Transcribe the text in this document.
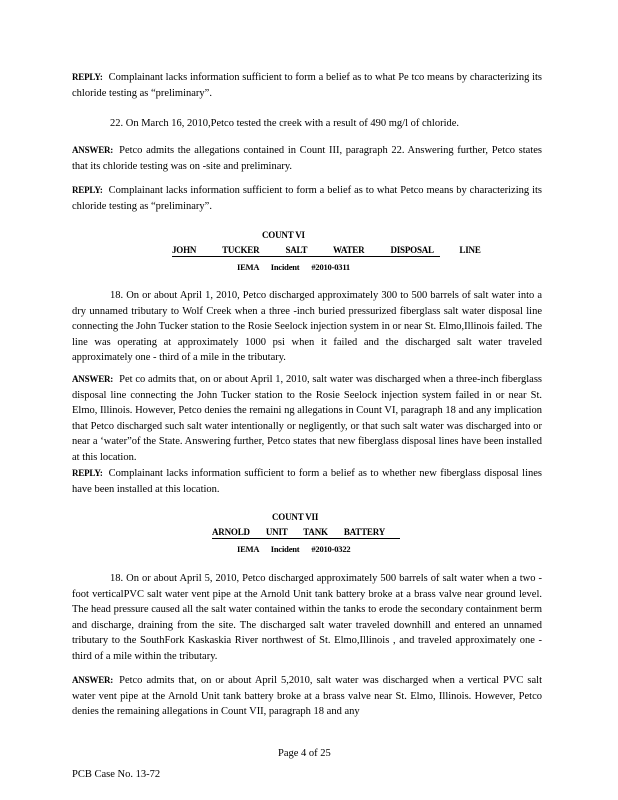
REPLY: Complainant lacks information sufficient to form a belief as to what Pe tco means by characterizing its chloride testing as “preliminary”.

22. On March 16, 2010,Petco tested the creek with a result of 490 mg/l of chloride.

ANSWER: Petco admits the allegations contained in Count III, paragraph 22. Answering further, Petco states that its chloride testing was on -site and preliminary.

REPLY: Complainant lacks information sufficient to form a belief as to what Petco means by characterizing its chloride testing as “preliminary”.

COUNT VI
JOHN TUCKER SALT WATER DISPOSAL LINE
IEMA Incident #2010-0311

18. On or about April 1, 2010, Petco discharged approximately 300 to 500 barrels of salt water into a dry unnamed tributary to Wolf Creek when a three -inch buried pressurized fiberglass salt water disposal line connecting the John Tucker station to the Rosie Seelock injection system in or near St. Elmo,Illinois failed. The line was operating at approximately 1000 psi when it failed and the discharged salt water traveled approximately one - third of a mile in the tributary.

ANSWER: Pet co admits that, on or about April 1, 2010, salt water was discharged when a three-inch fiberglass disposal line connecting the John Tucker station to the Rosie Seelock injection system failed in or near St. Elmo, Illinois. However, Petco denies the remaini ng allegations in Count VI, paragraph 18 and any implication that Petco discharged such salt water intentionally or negligently, or that such salt water was discharged into or near a ‘water”of the State. Answering further, Petco states that new fiberglass disposal lines have been installed at this location.

REPLY: Complainant lacks information sufficient to form a belief as to whether new fiberglass disposal lines have been installed at this location.

COUNT VII
ARNOLD UNIT TANK BATTERY
IEMA Incident #2010-0322

18. On or about April 5, 2010, Petco discharged approximately 500 barrels of salt water when a two -foot verticalPVC salt water vent pipe at the Arnold Unit tank battery broke at a brass valve near ground level. The head pressure caused all the salt water contained within the tanks to erode the secondary containment berm and discharge, draining from the site. The discharged salt water traveled downhill and entered an unnamed tributary to the SouthFork Kaskaskia River northwest of St. Elmo,Illinois , and traveled approximately one -third of a mile within the tributary.

ANSWER: Petco admits that, on or about April 5,2010, salt water was discharged when a vertical PVC salt water vent pipe at the Arnold Unit tank battery broke at a brass valve near St. Elmo, Illinois. However, Petco denies the remaining allegations in Count VII, paragraph 18 and any

Page 4 of 25
PCB Case No. 13-72
